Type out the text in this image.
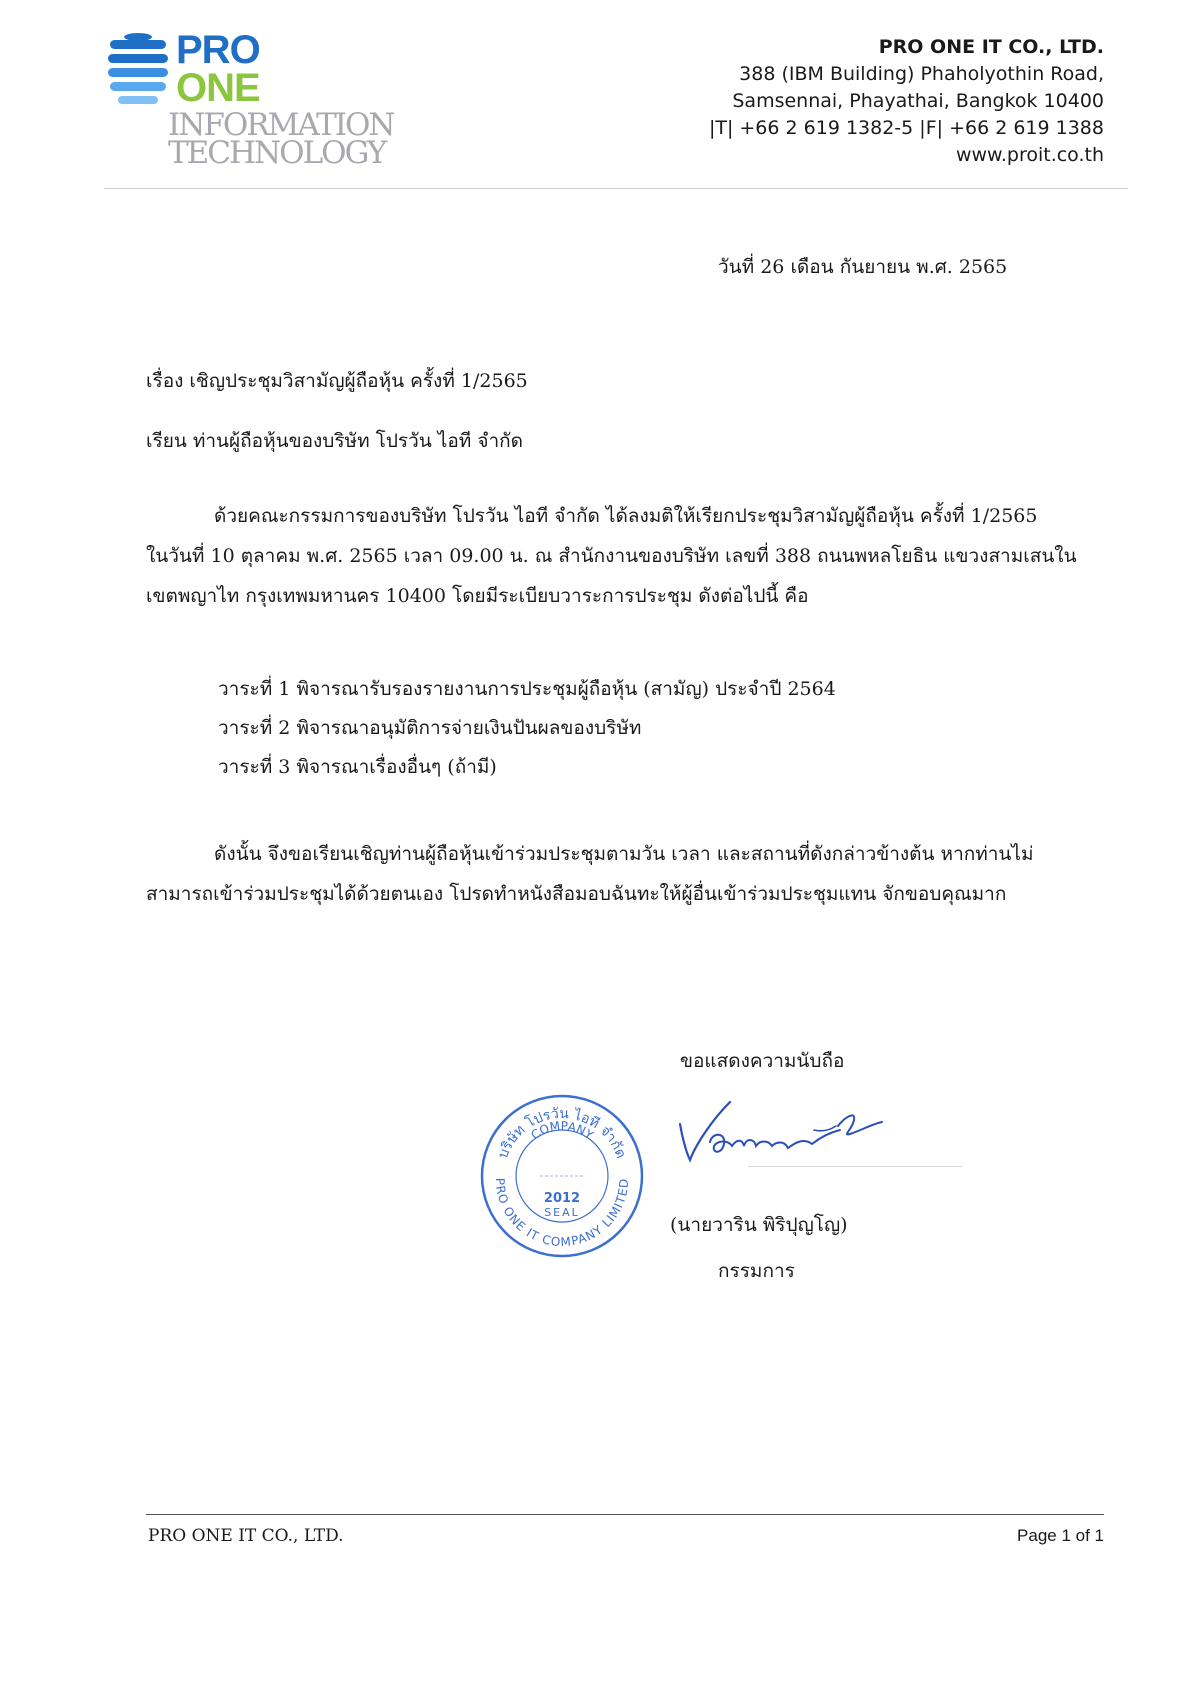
PRO
ONE
INFORMATION
TECHNOLOGY
PRO ONE IT CO., LTD.
388 (IBM Building) Phaholyothin Road,
Samsennai, Phayathai, Bangkok 10400
|T| +66 2 619 1382-5 |F| +66 2 619 1388
www.proit.co.th
วันที่ 26 เดือน กันยายน พ.ศ. 2565
เรื่อง เชิญประชุมวิสามัญผู้ถือหุ้น ครั้งที่ 1/2565
เรียน ท่านผู้ถือหุ้นของบริษัท โปรวัน ไอที จำกัด
ด้วยคณะกรรมการของบริษัท โปรวัน ไอที จำกัด ได้ลงมติให้เรียกประชุมวิสามัญผู้ถือหุ้น ครั้งที่ 1/2565
ในวันที่ 10 ตุลาคม พ.ศ. 2565 เวลา 09.00 น. ณ สำนักงานของบริษัท เลขที่ 388 ถนนพหลโยธิน แขวงสามเสนใน
เขตพญาไท กรุงเทพมหานคร 10400 โดยมีระเบียบวาระการประชุม ดังต่อไปนี้ คือ
วาระที่ 1 พิจารณารับรองรายงานการประชุมผู้ถือหุ้น (สามัญ) ประจำปี 2564
วาระที่ 2 พิจารณาอนุมัติการจ่ายเงินปันผลของบริษัท
วาระที่ 3 พิจารณาเรื่องอื่นๆ (ถ้ามี)
ดังนั้น จึงขอเรียนเชิญท่านผู้ถือหุ้นเข้าร่วมประชุมตามวัน เวลา และสถานที่ดังกล่าวข้างต้น หากท่านไม่
สามารถเข้าร่วมประชุมได้ด้วยตนเอง โปรดทำหนังสือมอบฉันทะให้ผู้อื่นเข้าร่วมประชุมแทน จักขอบคุณมาก
ขอแสดงความนับถือ
บริษัท โปรวัน ไอที จำกัด
COMPANY
PRO ONE IT COMPANY LIMITED
2012
SEAL
(นายวาริน พิริปุญโญ)
กรรมการ
PRO ONE IT CO., LTD.	Page 1 of 1
